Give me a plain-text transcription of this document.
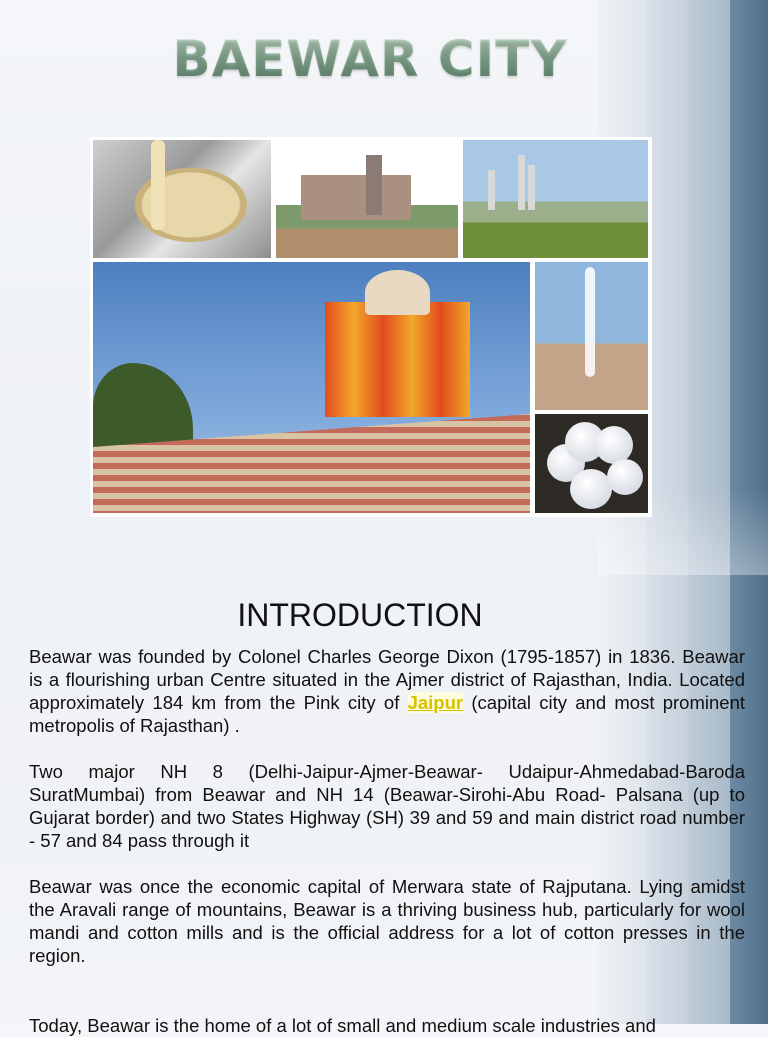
BAEWAR CITY
INTRODUCTION

Beawar was founded by Colonel Charles George Dixon (1795-1857) in 1836. Beawar is a flourishing urban Centre situated in the Ajmer district of Rajasthan, India. Located approximately 184 km from the Pink city of Jaipur (capital city and most prominent metropolis of Rajasthan) .

Two major NH 8 (Delhi-Jaipur-Ajmer-Beawar- Udaipur-Ahmedabad-Baroda SuratMumbai) from Beawar and NH 14 (Beawar-Sirohi-Abu Road- Palsana (up to Gujarat border) and two States Highway (SH) 39 and 59 and main district road number - 57 and 84 pass through it

Beawar was once the economic capital of Merwara state of Rajputana. Lying amidst the Aravali range of mountains, Beawar is a thriving business hub, particularly for wool mandi and cotton mills and is the official address for a lot of cotton presses in the region.

Today, Beawar is the home of a lot of small and medium scale industries and
